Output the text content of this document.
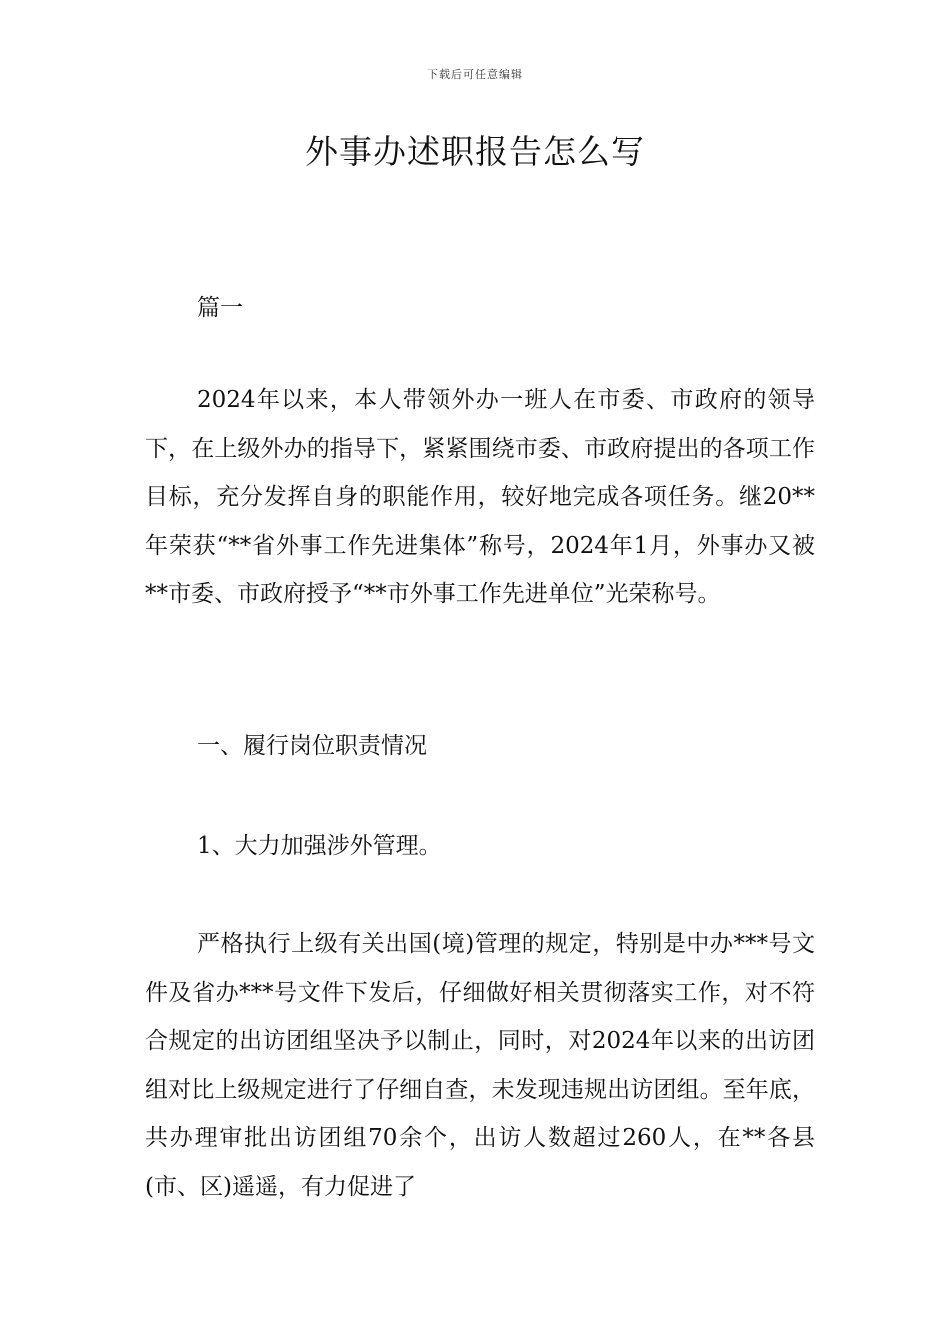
下载后可任意编辑
外事办述职报告怎么写

篇一

2024年以来，本人带领外办一班人在市委、市政府的领导下，在上级外办的指导下，紧紧围绕市委、市政府提出的各项工作目标，充分发挥自身的职能作用，较好地完成各项任务。继20**年荣获“**省外事工作先进集体”称号，2024年1月，外事办又被**市委、市政府授予“**市外事工作先进单位”光荣称号。

一、履行岗位职责情况

1、大力加强涉外管理。

严格执行上级有关出国(境)管理的规定，特别是中办***号文件及省办***号文件下发后，仔细做好相关贯彻落实工作，对不符合规定的出访团组坚决予以制止，同时，对2024年以来的出访团组对比上级规定进行了仔细自查，未发现违规出访团组。至年底，共办理审批出访团组70余个，出访人数超过260人，在**各县(市、区)遥遥，有力促进了
